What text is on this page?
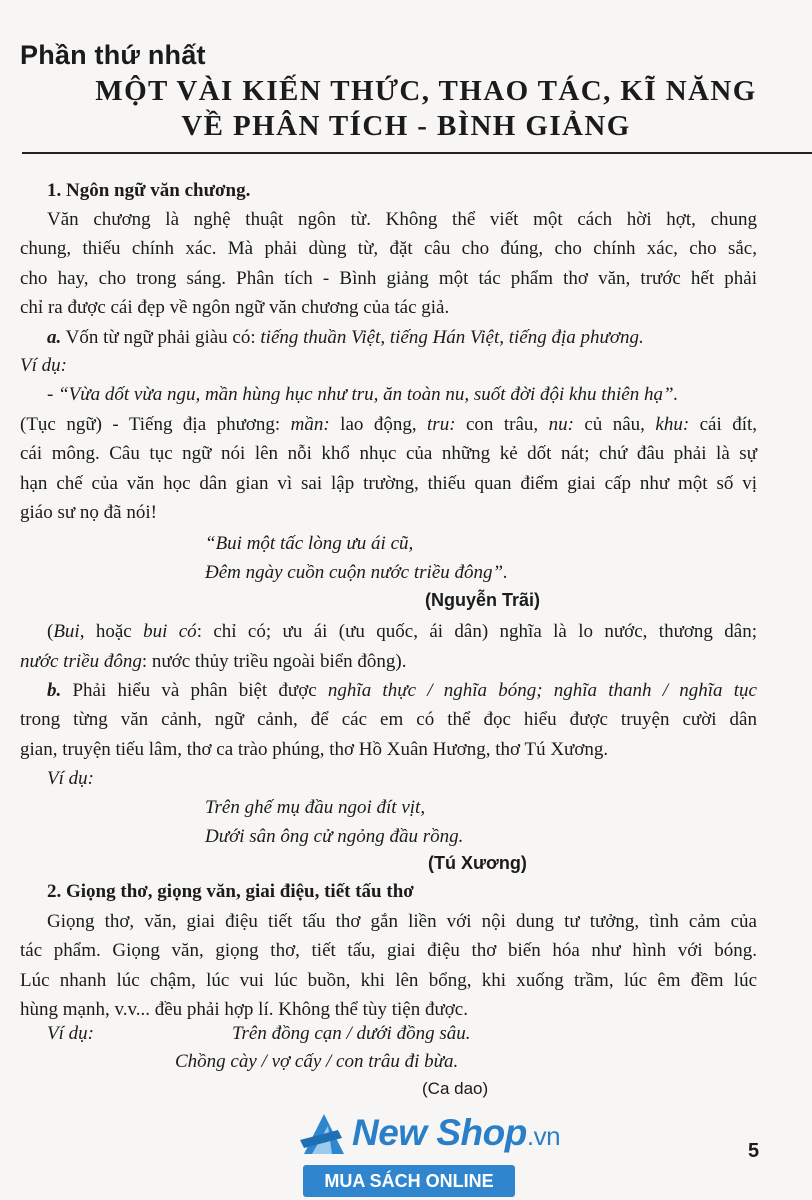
Phần thứ nhất
MỘT VÀI KIẾN THỨC, THAO TÁC, KĨ NĂNG
VỀ PHÂN TÍCH - BÌNH GIẢNG
1. Ngôn ngữ văn chương.
Văn chương là nghệ thuật ngôn từ. Không thể viết một cách hời hợt, chung
chung, thiếu chính xác. Mà phải dùng từ, đặt câu cho đúng, cho chính xác, cho sắc,
cho hay, cho trong sáng. Phân tích - Bình giảng một tác phẩm thơ văn, trước hết phải
chỉ ra được cái đẹp về ngôn ngữ văn chương của tác giả.
a. Vốn từ ngữ phải giàu có: tiếng thuần Việt, tiếng Hán Việt, tiếng địa phương.
Ví dụ:
- “Vừa dốt vừa ngu, mần hùng hục như tru, ăn toàn nu, suốt đời đội khu thiên hạ”.
(Tục ngữ) - Tiếng địa phương: mần: lao động, tru: con trâu, nu: củ nâu, khu: cái đít,
cái mông. Câu tục ngữ nói lên nỗi khổ nhục của những kẻ dốt nát; chứ đâu phải là sự
hạn chế của văn học dân gian vì sai lập trường, thiếu quan điểm giai cấp như một số vị
giáo sư nọ đã nói!
“Bui một tấc lòng ưu ái cũ,
Đêm ngày cuồn cuộn nước triều đông”.
(Nguyễn Trãi)
(Bui, hoặc bui có: chỉ có; ưu ái (ưu quốc, ái dân) nghĩa là lo nước, thương dân;
nước triều đông: nước thủy triều ngoài biển đông).
b. Phải hiểu và phân biệt được nghĩa thực / nghĩa bóng; nghĩa thanh / nghĩa tục
trong từng văn cảnh, ngữ cảnh, để các em có thể đọc hiểu được truyện cười dân
gian, truyện tiếu lâm, thơ ca trào phúng, thơ Hồ Xuân Hương, thơ Tú Xương.
Ví dụ:
Trên ghế mụ đầu ngoi đít vịt,
Dưới sân ông cử ngỏng đầu rồng.
(Tú Xương)
2. Giọng thơ, giọng văn, giai điệu, tiết tấu thơ
Giọng thơ, văn, giai điệu tiết tấu thơ gắn liền với nội dung tư tưởng, tình cảm của
tác phẩm. Giọng văn, giọng thơ, tiết tấu, giai điệu thơ biến hóa như hình với bóng.
Lúc nhanh lúc chậm, lúc vui lúc buồn, khi lên bổng, khi xuống trầm, lúc êm đềm lúc
hùng mạnh, v.v... đều phải hợp lí. Không thể tùy tiện được.
Ví dụ:	Trên đồng cạn / dưới đồng sâu.
Chồng cày / vợ cấy / con trâu đi bừa.
(Ca dao)
5
New Shop.vn
MUA SÁCH ONLINE
